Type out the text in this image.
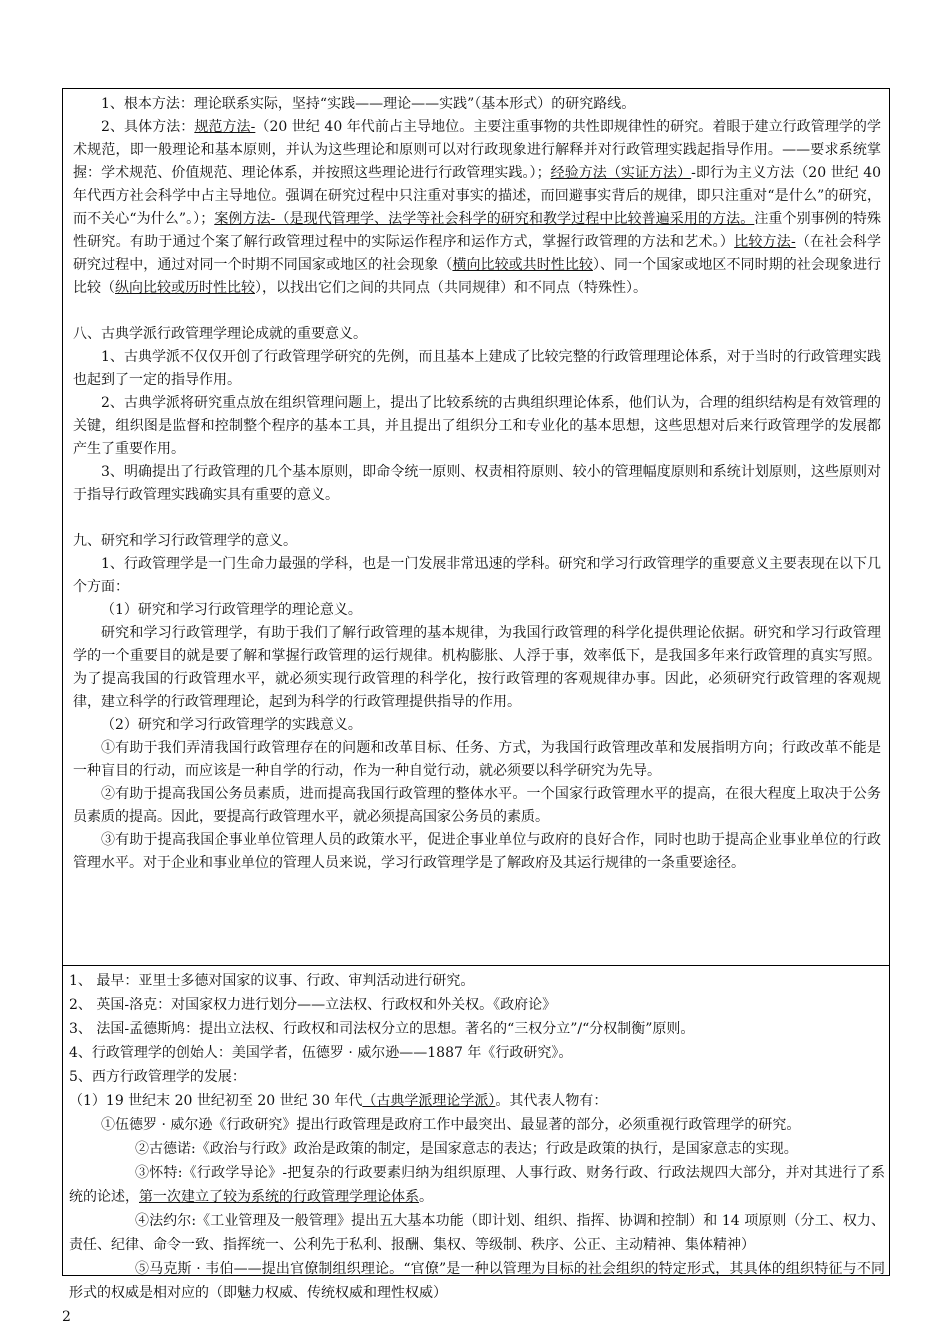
1、根本方法：理论联系实际，坚持“实践——理论——实践”（基本形式）的研究路线。

2、具体方法：规范方法-（20 世纪 40 年代前占主导地位。主要注重事物的共性即规律性的研究。着眼于建立行政管理学的学术规范，即一般理论和基本原则，并认为这些理论和原则可以对行政现象进行解释并对行政管理实践起指导作用。——要求系统掌握：学术规范、价值规范、理论体系，并按照这些理论进行行政管理实践。）；经验方法（实证方法）-即行为主义方法（20 世纪 40 年代西方社会科学中占主导地位。强调在研究过程中只注重对事实的描述，而回避事实背后的规律，即只注重对“是什么”的研究，而不关心“为什么”。）；案例方法-（是现代管理学、法学等社会科学的研究和教学过程中比较普遍采用的方法。注重个别事例的特殊性研究。有助于通过个案了解行政管理过程中的实际运作程序和运作方式，掌握行政管理的方法和艺术。）比较方法-（在社会科学研究过程中，通过对同一个时期不同国家或地区的社会现象（横向比较或共时性比较）、同一个国家或地区不同时期的社会现象进行比较（纵向比较或历时性比较），以找出它们之间的共同点（共同规律）和不同点（特殊性）。

八、古典学派行政管理学理论成就的重要意义。

1、古典学派不仅仅开创了行政管理学研究的先例，而且基本上建成了比较完整的行政管理理论体系，对于当时的行政管理实践也起到了一定的指导作用。

2、古典学派将研究重点放在组织管理问题上，提出了比较系统的古典组织理论体系，他们认为，合理的组织结构是有效管理的关键，组织图是监督和控制整个程序的基本工具，并且提出了组织分工和专业化的基本思想，这些思想对后来行政管理学的发展都产生了重要作用。

3、明确提出了行政管理的几个基本原则，即命令统一原则、权责相符原则、较小的管理幅度原则和系统计划原则，这些原则对于指导行政管理实践确实具有重要的意义。

九、研究和学习行政管理学的意义。

1、行政管理学是一门生命力最强的学科，也是一门发展非常迅速的学科。研究和学习行政管理学的重要意义主要表现在以下几个方面：

（1）研究和学习行政管理学的理论意义。

研究和学习行政管理学，有助于我们了解行政管理的基本规律，为我国行政管理的科学化提供理论依据。研究和学习行政管理学的一个重要目的就是要了解和掌握行政管理的运行规律。机构膨胀、人浮于事，效率低下，是我国多年来行政管理的真实写照。为了提高我国的行政管理水平，就必须实现行政管理的科学化，按行政管理的客观规律办事。因此，必须研究行政管理的客观规律，建立科学的行政管理理论，起到为科学的行政管理提供指导的作用。

（2）研究和学习行政管理学的实践意义。

①有助于我们弄清我国行政管理存在的问题和改革目标、任务、方式，为我国行政管理改革和发展指明方向；行政改革不能是一种盲目的行动，而应该是一种自学的行动，作为一种自觉行动，就必须要以科学研究为先导。

②有助于提高我国公务员素质，进而提高我国行政管理的整体水平。一个国家行政管理水平的提高，在很大程度上取决于公务员素质的提高。因此，要提高行政管理水平，就必须提高国家公务员的素质。

③有助于提高我国企事业单位管理人员的政策水平，促进企事业单位与政府的良好合作，同时也助于提高企业事业单位的行政管理水平。对于企业和事业单位的管理人员来说，学习行政管理学是了解政府及其运行规律的一条重要途径。

1、 最早：亚里士多德对国家的议事、行政、审判活动进行研究。

2、 英国-洛克：对国家权力进行划分——立法权、行政权和外关权。《政府论》

3、 法国-孟德斯鸠：提出立法权、行政权和司法权分立的思想。著名的“三权分立”/“分权制衡”原则。

4、行政管理学的创始人：美国学者，伍德罗 · 威尔逊——1887 年《行政研究》。

5、西方行政管理学的发展：

（1）19 世纪末 20 世纪初至 20 世纪 30 年代（古典学派理论学派）。其代表人物有：

①伍德罗 · 威尔逊《行政研究》提出行政管理是政府工作中最突出、最显著的部分，必须重视行政管理学的研究。

②古德诺:《政治与行政》政治是政策的制定，是国家意志的表达；行政是政策的执行，是国家意志的实现。

③怀特:《行政学导论》-把复杂的行政要素归纳为组织原理、人事行政、财务行政、行政法规四大部分，并对其进行了系统的论述，第一次建立了较为系统的行政管理学理论体系。

④法约尔:《工业管理及一般管理》提出五大基本功能（即计划、组织、指挥、协调和控制）和 14 项原则（分工、权力、责任、纪律、命令一致、指挥统一、公利先于私利、报酬、集权、等级制、秩序、公正、主动精神、集体精神）

⑤马克斯 · 韦伯——提出官僚制组织理论。“官僚”是一种以管理为目标的社会组织的特定形式，其具体的组织特征与不同形式的权威是相对应的（即魅力权威、传统权威和理性权威）

2
